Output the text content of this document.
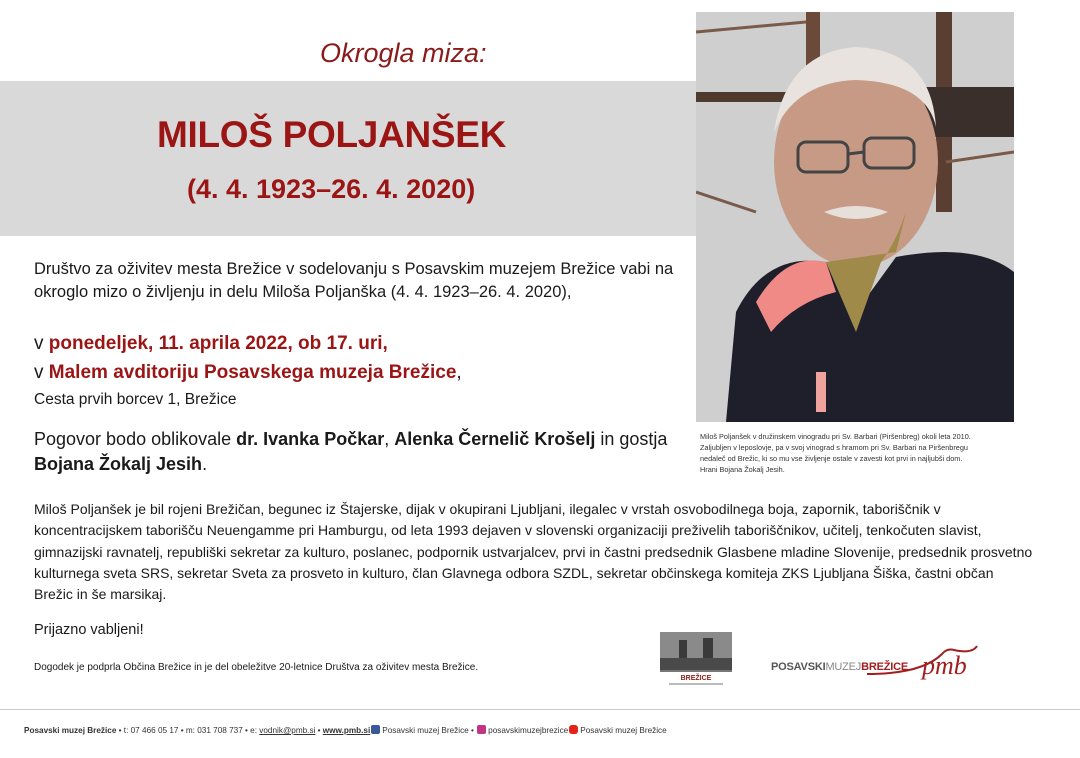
Okrogla miza:
MILOŠ POLJANŠEK
(4. 4. 1923–26. 4. 2020)
Miloš Poljanšek v družinskem vinogradu pri Sv. Barbari (Piršenbreg) okoli leta 2010.
Zaljubljen v leposlovje, pa v svoj vinograd s hramom pri Sv. Barbari na Piršenbregu
nedaleč od Brežic, ki so mu vse življenje ostale v zavesti kot prvi in najljubši dom.
Hrani Bojana Žokalj Jesih.
Društvo za oživitev mesta Brežice v sodelovanju s Posavskim muzejem Brežice vabi na okroglo mizo o življenju in delu Miloša Poljanška (4. 4. 1923–26. 4. 2020),
v ponedeljek, 11. aprila 2022, ob 17. uri,
v Malem avditoriju Posavskega muzeja Brežice,
Cesta prvih borcev 1, Brežice
Pogovor bodo oblikovale dr. Ivanka Počkar, Alenka Černelič Krošelj in gostja Bojana Žokalj Jesih.
Miloš Poljanšek je bil rojeni Brežičan, begunec iz Štajerske, dijak v okupirani Ljubljani, ilegalec v vrstah osvobodilnega boja, zapornik, taboriščnik v koncentracijskem taborišču Neuengamme pri Hamburgu, od leta 1993 dejaven v slovenski organizaciji preživelih taboriščnikov, učitelj, tenkočuten slavist, gimnazijski ravnatelj, republiški sekretar za kulturo, poslanec, podpornik ustvarjalcev, prvi in častni predsednik Glasbene mladine Slovenije, predsednik prosvetno kulturnega sveta SRS, sekretar Sveta za prosveto in kulturo, član Glavnega odbora SZDL, sekretar občinskega komiteja ZKS Ljubljana Šiška, častni občan Brežic in še marsikaj.
Prijazno vabljeni!
Dogodek je podprla Občina Brežice in je del obeležitve 20-letnice Društva za oživitev mesta Brežice.
BREŽICE	pmb
POSAVSKIMUZEJBREŽICE
Posavski muzej Brežice • t: 07 466 05 17 • m: 031 708 737 • e: vodnik@pmb.si • www.pmb.si Posavski muzej Brežice • posavskimuzejbrezice Posavski muzej Brežice
